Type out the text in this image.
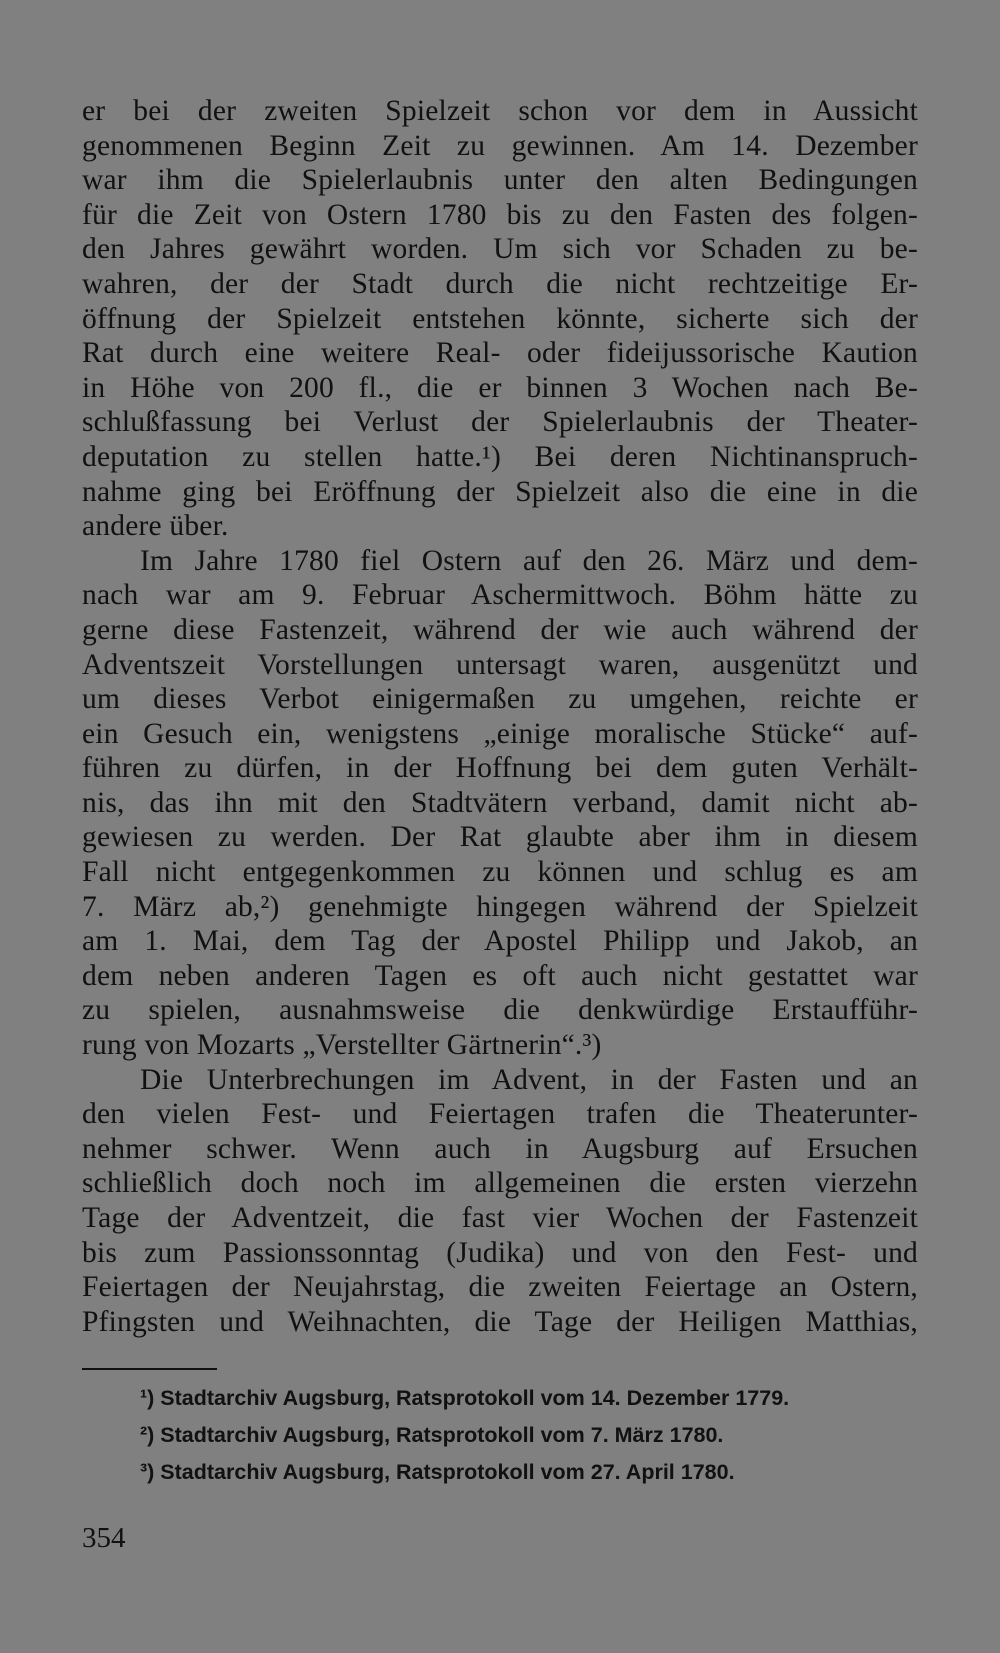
er bei der zweiten Spielzeit schon vor dem in Aussicht
genommenen Beginn Zeit zu gewinnen. Am 14. Dezember
war ihm die Spielerlaubnis unter den alten Bedingungen
für die Zeit von Ostern 1780 bis zu den Fasten des folgen-
den Jahres gewährt worden. Um sich vor Schaden zu be-
wahren, der der Stadt durch die nicht rechtzeitige Er-
öffnung der Spielzeit entstehen könnte, sicherte sich der
Rat durch eine weitere Real- oder fideijussorische Kaution
in Höhe von 200 fl., die er binnen 3 Wochen nach Be-
schlußfassung bei Verlust der Spielerlaubnis der Theater-
deputation zu stellen hatte.¹) Bei deren Nichtinanspruch-
nahme ging bei Eröffnung der Spielzeit also die eine in die
andere über.
Im Jahre 1780 fiel Ostern auf den 26. März und dem-
nach war am 9. Februar Aschermittwoch. Böhm hätte zu
gerne diese Fastenzeit, während der wie auch während der
Adventszeit Vorstellungen untersagt waren, ausgenützt und
um dieses Verbot einigermaßen zu umgehen, reichte er
ein Gesuch ein, wenigstens „einige moralische Stücke“ auf-
führen zu dürfen, in der Hoffnung bei dem guten Verhält-
nis, das ihn mit den Stadtvätern verband, damit nicht ab-
gewiesen zu werden. Der Rat glaubte aber ihm in diesem
Fall nicht entgegenkommen zu können und schlug es am
7. März ab,²) genehmigte hingegen während der Spielzeit
am 1. Mai, dem Tag der Apostel Philipp und Jakob, an
dem neben anderen Tagen es oft auch nicht gestattet war
zu spielen, ausnahmsweise die denkwürdige Erstaufführ-
rung von Mozarts „Verstellter Gärtnerin“.³)
Die Unterbrechungen im Advent, in der Fasten und an
den vielen Fest- und Feiertagen trafen die Theaterunter-
nehmer schwer. Wenn auch in Augsburg auf Ersuchen
schließlich doch noch im allgemeinen die ersten vierzehn
Tage der Adventzeit, die fast vier Wochen der Fastenzeit
bis zum Passionssonntag (Judika) und von den Fest- und
Feiertagen der Neujahrstag, die zweiten Feiertage an Ostern,
Pfingsten und Weihnachten, die Tage der Heiligen Matthias,
¹) Stadtarchiv Augsburg, Ratsprotokoll vom 14. Dezember 1779.
²) Stadtarchiv Augsburg, Ratsprotokoll vom 7. März 1780.
³) Stadtarchiv Augsburg, Ratsprotokoll vom 27. April 1780.
354
